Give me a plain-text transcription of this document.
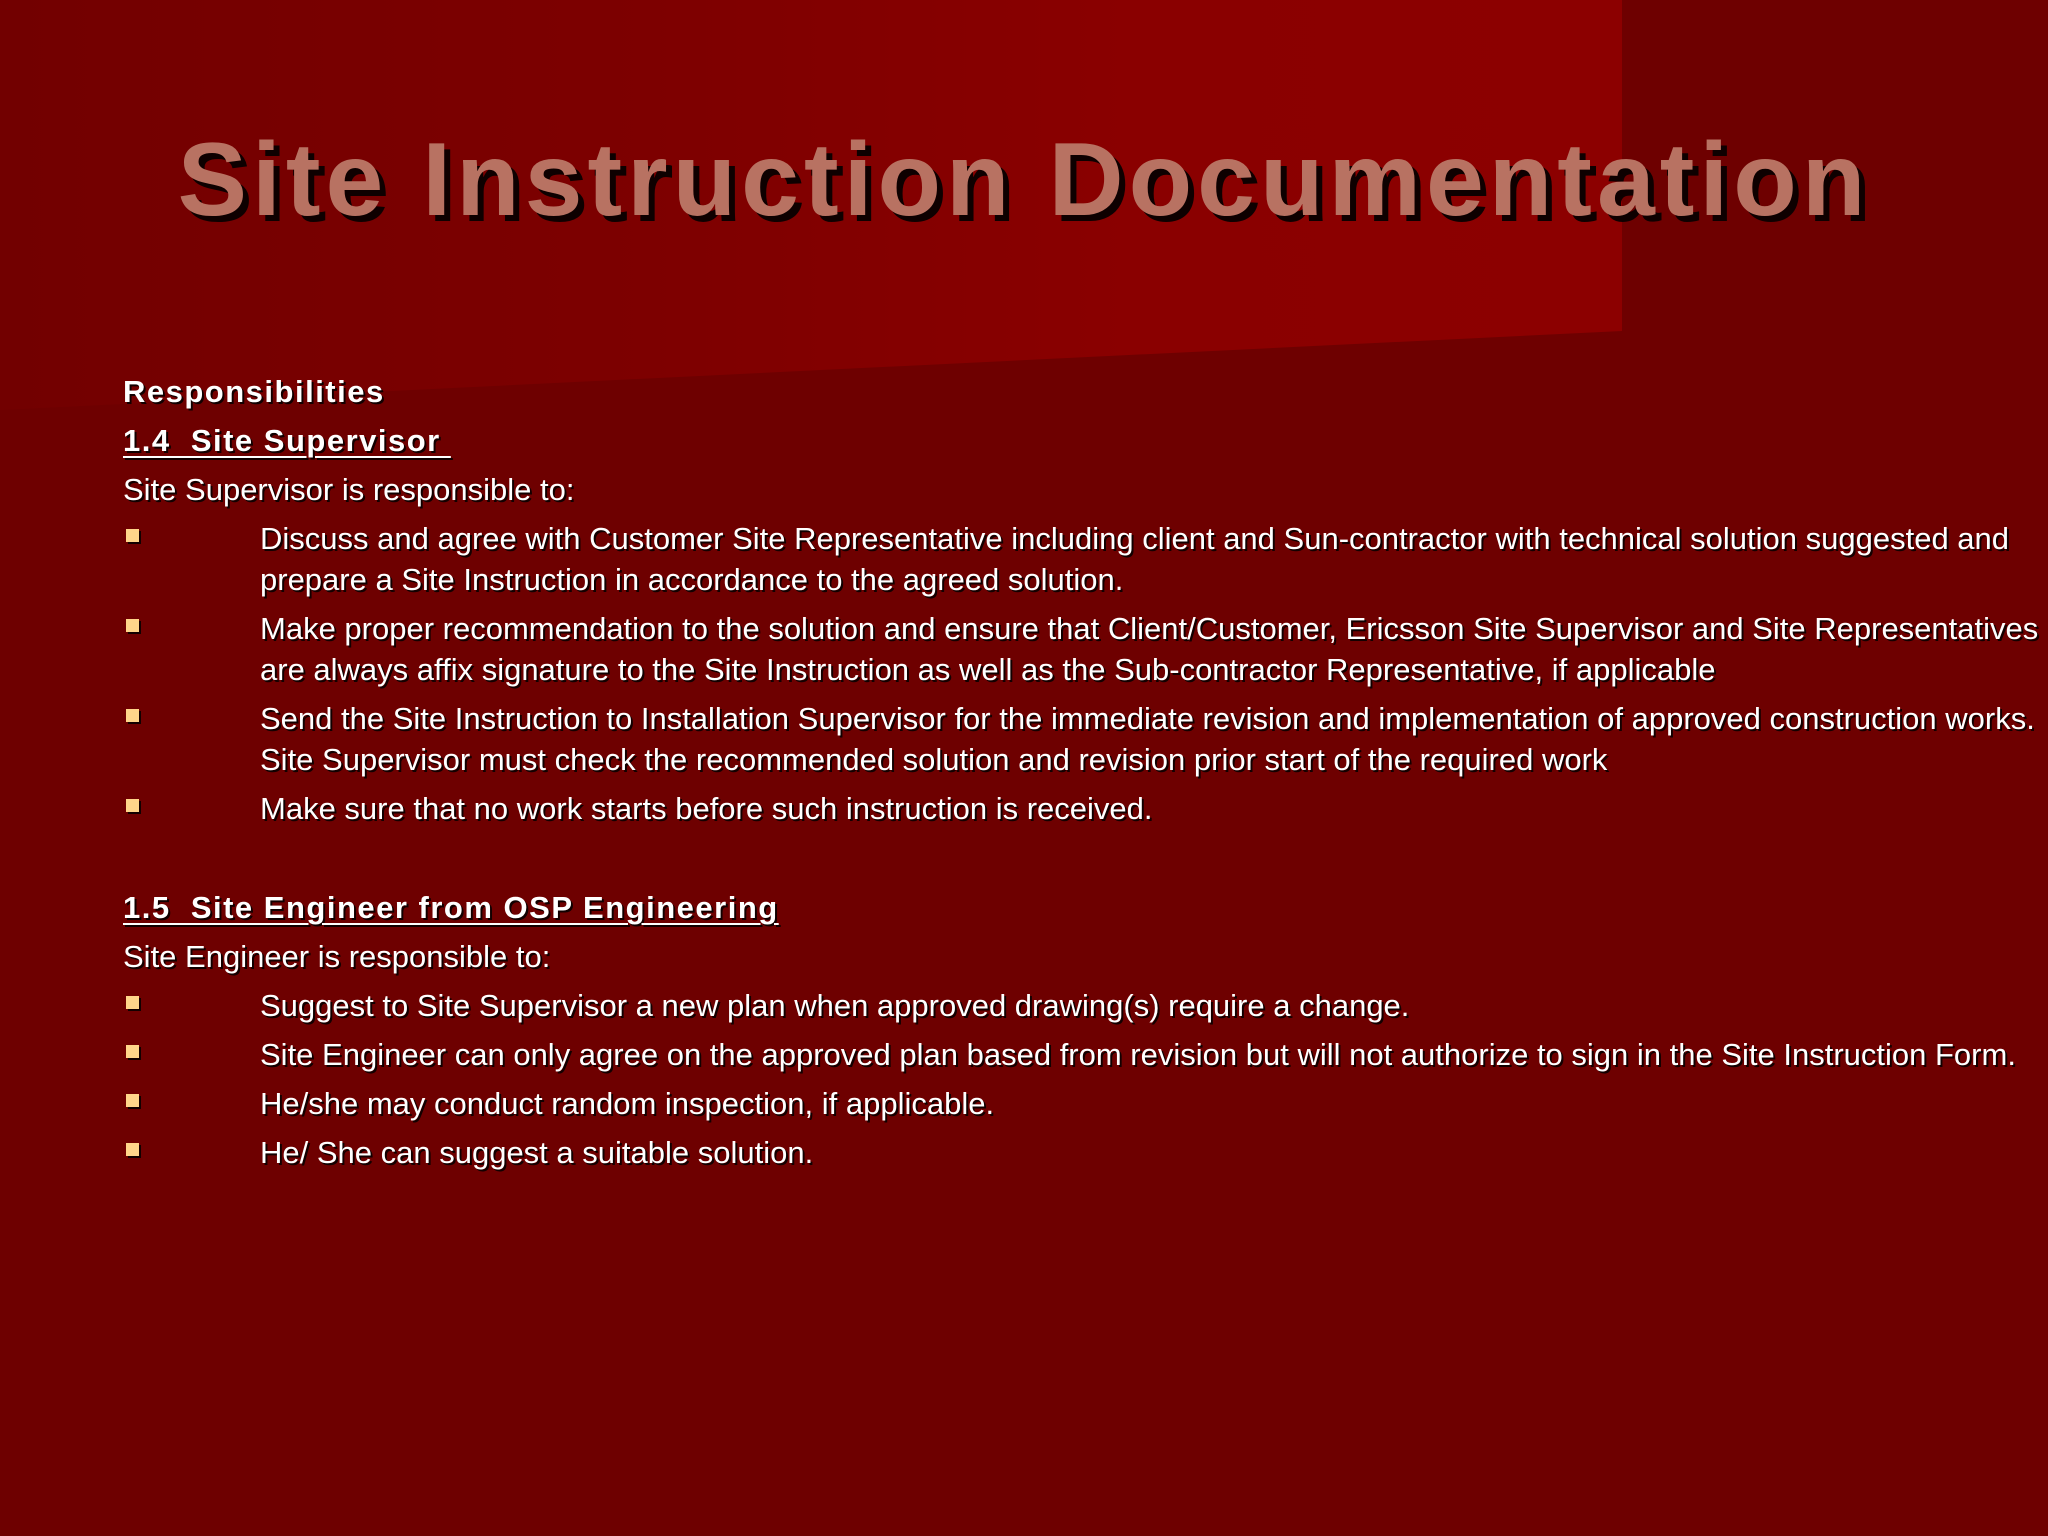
Site Instruction Documentation
Responsibilities
1.4  Site Supervisor
Site Supervisor is responsible to:
Discuss and agree with Customer Site Representative including client and Sun-contractor with technical solution suggested and prepare a Site Instruction in accordance to the agreed solution.
Make proper recommendation to the solution and ensure that Client/Customer, Ericsson Site Supervisor and Site Representatives are always affix signature to the Site Instruction as well as the Sub-contractor Representative, if applicable
Send the Site Instruction to Installation Supervisor for the immediate revision and implementation of approved construction works. Site Supervisor must check the recommended solution and revision prior start of the required work
Make sure that no work starts before such instruction is received.
1.5  Site Engineer from OSP Engineering
Site Engineer is responsible to:
Suggest to Site Supervisor a new plan when approved drawing(s) require a change.
Site Engineer can only agree on the approved plan based from revision but will not authorize to sign in the Site Instruction Form.
He/she may conduct random inspection, if applicable.
He/ She can suggest a suitable solution.
